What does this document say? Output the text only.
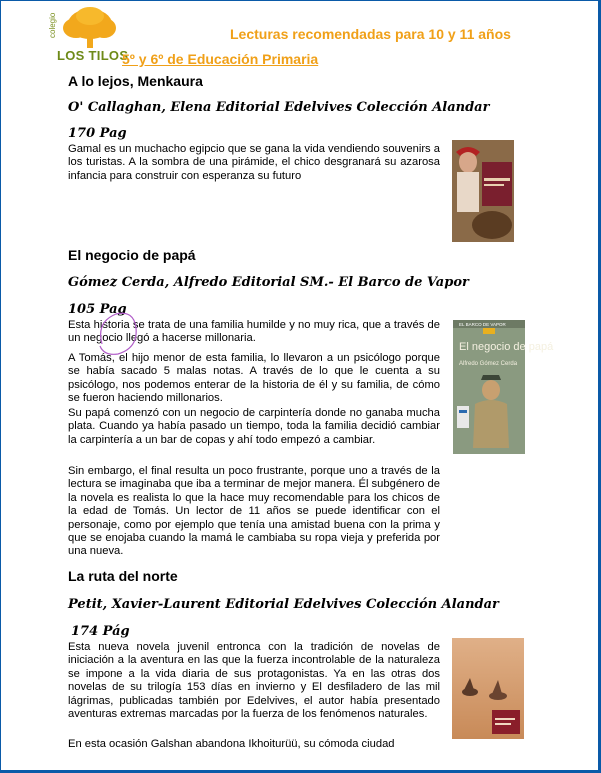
colegio
LOS TILOS
Lecturas recomendadas para 10 y 11 años
5º y 6º de Educación Primaria
A lo lejos, Menkaura
O' Callaghan, Elena Editorial Edelvives Colección Alandar
170 Pag
Gamal es un muchacho egipcio que se gana la vida vendiendo souvenirs a los turistas. A la sombra de una pirámide, el chico desgranará su azarosa infancia para construir con esperanza su futuro
El negocio de papá
Gómez Cerda, Alfredo Editorial SM.- El Barco de Vapor
105 Pag
Esta historia se trata de una familia humilde y no muy rica, que a través de un negocio llegó a hacerse millonaria.
A Tomás, el hijo menor de esta familia, lo llevaron a un psicólogo porque se había sacado 5 malas notas. A través de lo que le cuenta a su psicólogo, nos podemos enterar de la historia de él y su familia, de cómo se fueron haciendo millonarios.
Su papá comenzó con un negocio de carpintería donde no ganaba mucha plata. Cuando ya había pasado un tiempo, toda la familia decidió cambiar la carpintería a un bar de copas y ahí todo empezó a cambiar.
Sin embargo, el final resulta un poco frustrante, porque uno a través de la lectura se imaginaba que iba a terminar de mejor manera. Él subgénero de la novela es realista lo que la hace muy recomendable para los chicos de la edad de Tomás. Un lector de 11 años se puede identificar con el personaje, como por ejemplo que tenía una amistad buena con la prima y que se enojaba cuando la mamá le cambiaba su ropa vieja y preferida por una nueva.
EL BARCO DE VAPOR
El negocio de papá
Alfredo Gómez Cerda
La ruta del norte
Petit, Xavier-Laurent Editorial Edelvives Colección Alandar
174 Pág
Esta nueva novela juvenil entronca con la tradición de novelas de iniciación a la aventura en las que la fuerza incontrolable de la naturaleza se impone a la vida diaria de sus protagonistas. Ya en las otras dos novelas de su trilogía 153 días en invierno y El desfiladero de las mil lágrimas, publicadas también por Edelvives, el autor había presentado aventuras extremas marcadas por la fuerza de los fenómenos naturales.
En esta ocasión Galshan abandona Ikhoiturüü, su cómoda ciudad
